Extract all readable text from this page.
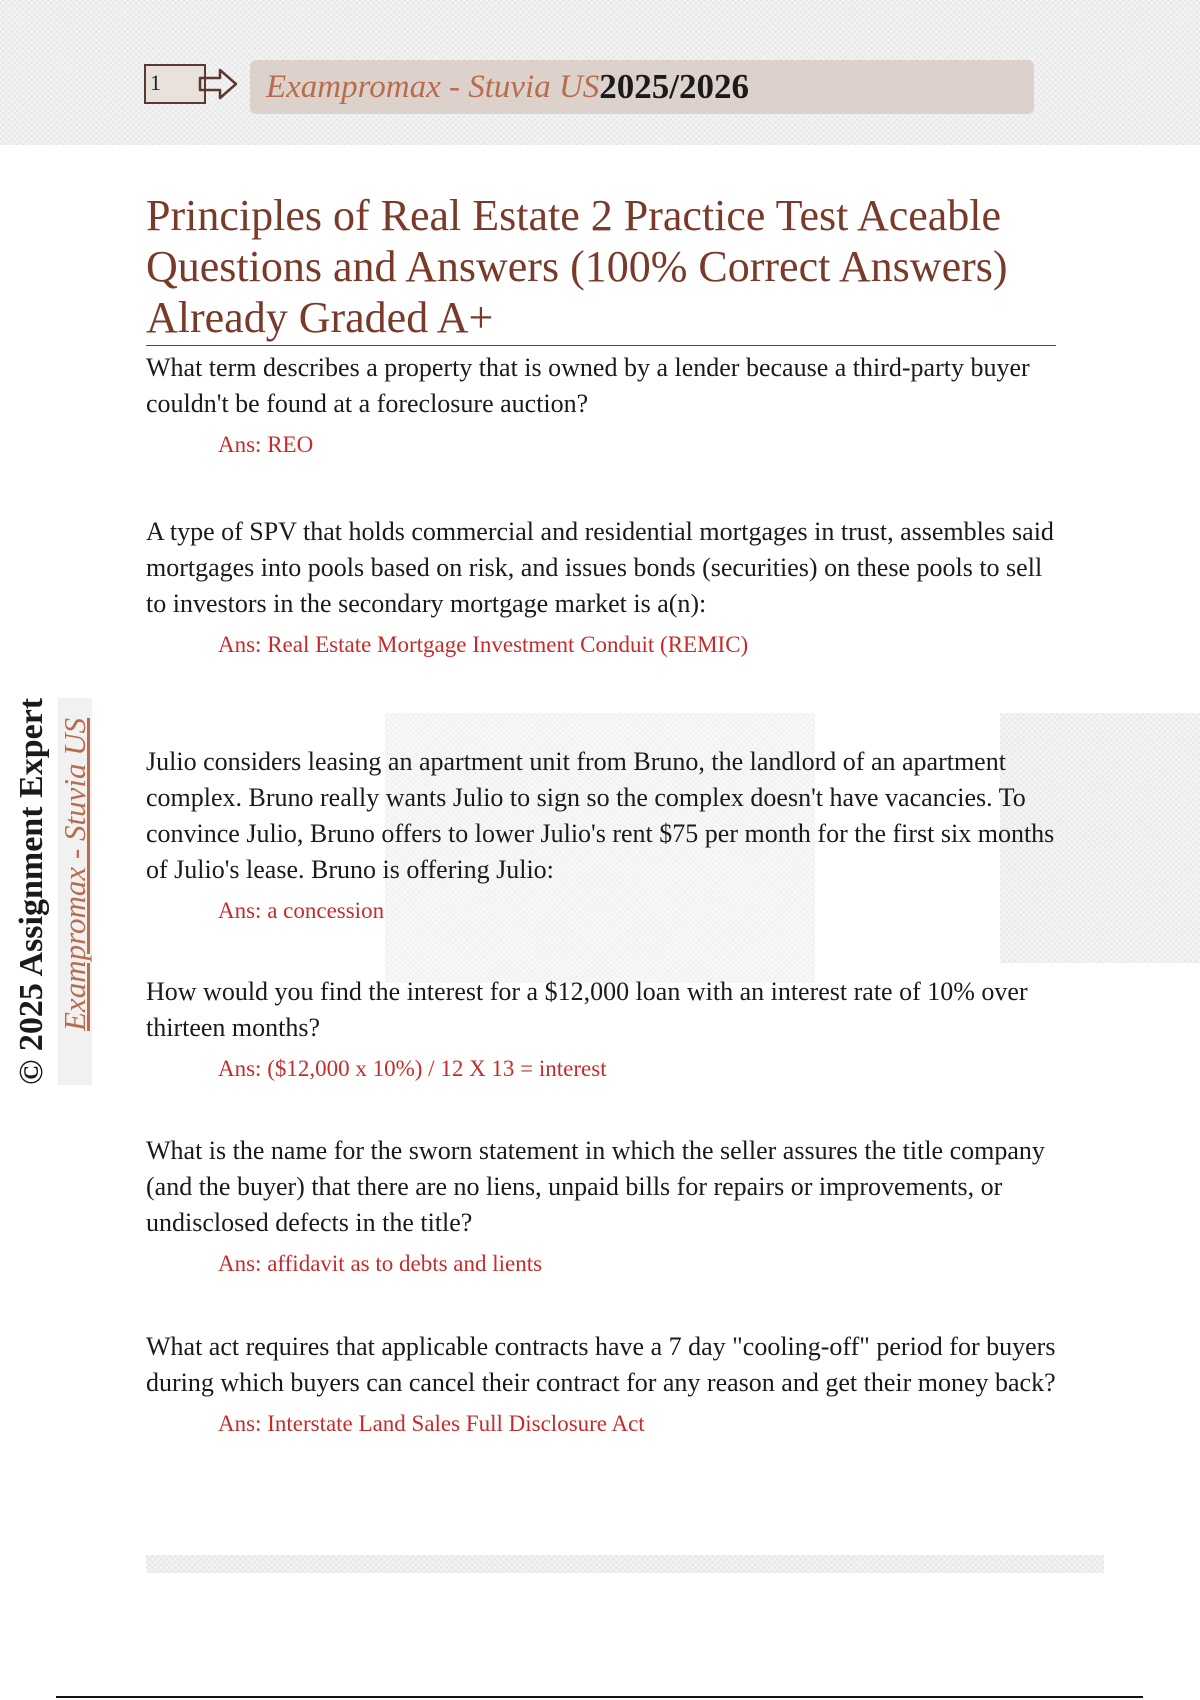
1	Exampromax - Stuvia US 2025/2026
© 2025 Assignment Expert Exampromax - Stuvia US
Principles of Real Estate 2 Practice Test Aceable Questions and Answers (100% Correct Answers) Already Graded A+

What term describes a property that is owned by a lender because a third-party buyer couldn't be found at a foreclosure auction?

Ans: REO

A type of SPV that holds commercial and residential mortgages in trust, assembles said mortgages into pools based on risk, and issues bonds (securities) on these pools to sell to investors in the secondary mortgage market is a(n):

Ans: Real Estate Mortgage Investment Conduit (REMIC)

Julio considers leasing an apartment unit from Bruno, the landlord of an apartment complex. Bruno really wants Julio to sign so the complex doesn't have vacancies. To convince Julio, Bruno offers to lower Julio's rent $75 per month for the first six months of Julio's lease. Bruno is offering Julio:

Ans: a concession

How would you find the interest for a $12,000 loan with an interest rate of 10% over thirteen months?

Ans: ($12,000 x 10%) / 12 X 13 = interest

What is the name for the sworn statement in which the seller assures the title company (and the buyer) that there are no liens, unpaid bills for repairs or improvements, or undisclosed defects in the title?

Ans: affidavit as to debts and lients

What act requires that applicable contracts have a 7 day "cooling-off" period for buyers during which buyers can cancel their contract for any reason and get their money back?

Ans: Interstate Land Sales Full Disclosure Act
